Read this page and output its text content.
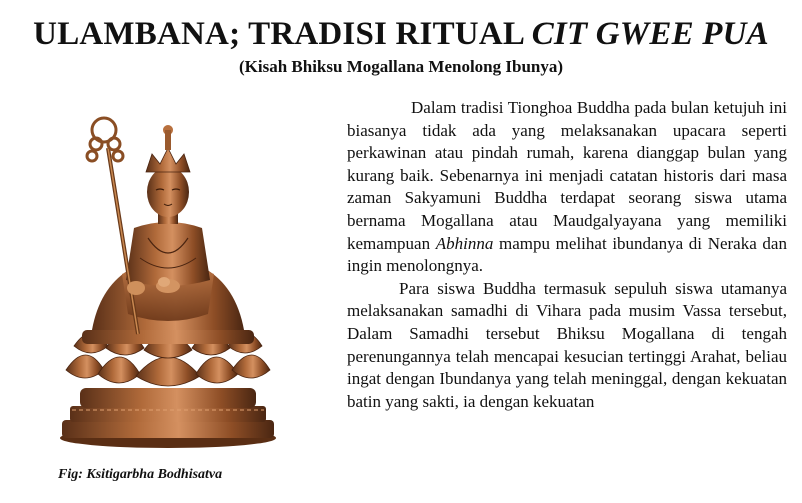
ULAMBANA; TRADISI RITUAL CIT GWEE PUA
(Kisah Bhiksu Mogallana Menolong Ibunya)
Fig: Ksitigarbha Bodhisatva

Dalam tradisi Tionghoa Buddha pada bulan ketujuh ini biasanya tidak ada yang melaksanakan upacara seperti perkawinan atau pindah rumah, karena dianggap bulan yang kurang baik. Sebenarnya ini menjadi catatan historis dari masa zaman Sakyamuni Buddha terdapat seorang siswa utama bernama Mogallana atau Maudgalyayana yang memiliki kemampuan Abhinna mampu melihat ibundanya di Neraka dan ingin menolongnya.

Para siswa Buddha termasuk sepuluh siswa utamanya melaksanakan samadhi di Vihara pada musim Vassa tersebut, Dalam Samadhi tersebut Bhiksu Mogallana di tengah perenungannya telah mencapai kesucian tertinggi Arahat, beliau ingat dengan Ibundanya yang telah meninggal, dengan kekuatan batin yang sakti, ia dengan kekuatan
